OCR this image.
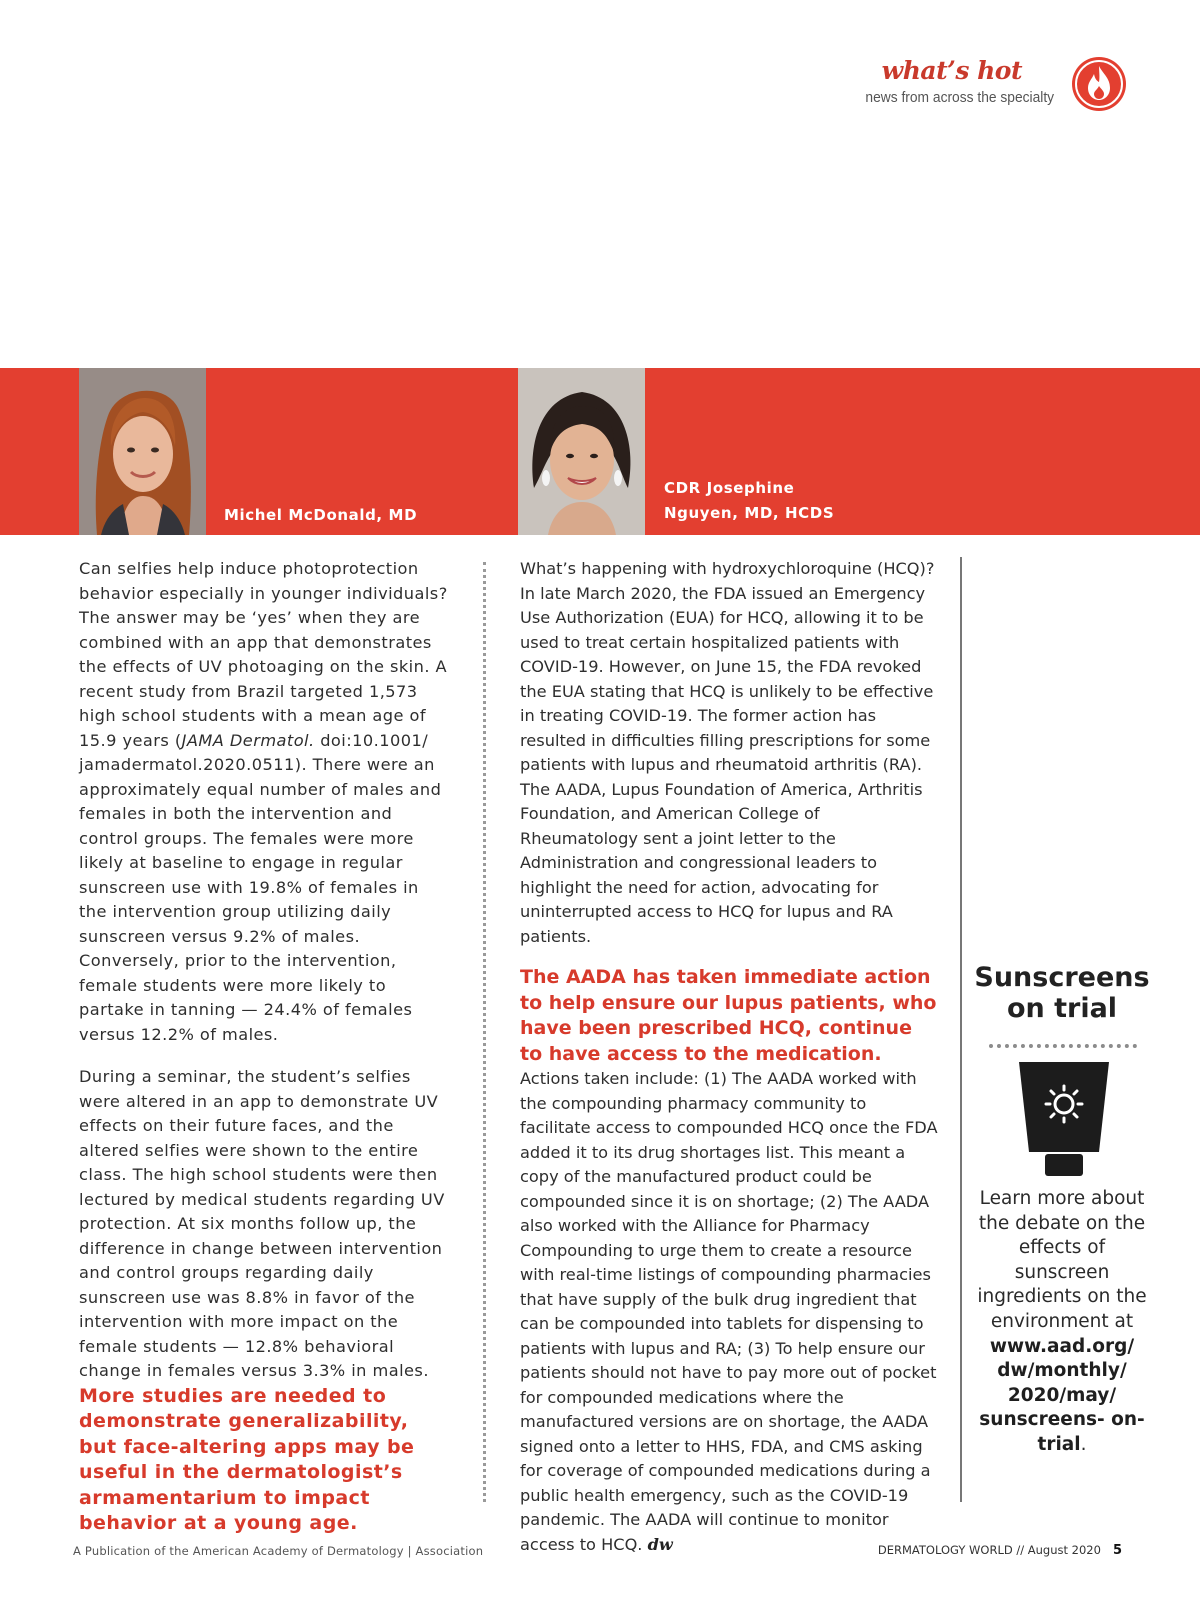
what’s hot
news from across the specialty
Michel McDonald, MD
CDR Josephine
Nguyen, MD, HCDS

Can selfies help induce photoprotection behavior especially in younger individuals? The answer may be ‘yes’ when they are combined with an app that demonstrates the effects of UV photoaging on the skin. A recent study from Brazil targeted 1,573 high school students with a mean age of 15.9 years (JAMA Dermatol. doi:10.1001/ jamadermatol.2020.0511). There were an approximately equal number of males and females in both the intervention and control groups. The females were more likely at baseline to engage in regular sunscreen use with 19.8% of females in the intervention group utilizing daily sunscreen versus 9.2% of males. Conversely, prior to the intervention, female students were more likely to partake in tanning — 24.4% of females versus 12.2% of males.

During a seminar, the student’s selfies were altered in an app to demonstrate UV effects on their future faces, and the altered selfies were shown to the entire class. The high school students were then lectured by medical students regarding UV protection. At six months follow up, the difference in change between intervention and control groups regarding daily sunscreen use was 8.8% in favor of the intervention with more impact on the female students — 12.8% behavioral change in females versus 3.3% in males. More studies are needed to demonstrate generalizability, but face-altering apps may be useful in the dermatologist’s armamentarium to impact behavior at a young age.

What’s happening with hydroxychloroquine (HCQ)? In late March 2020, the FDA issued an Emergency Use Authorization (EUA) for HCQ, allowing it to be used to treat certain hospitalized patients with COVID-19. However, on June 15, the FDA revoked the EUA stating that HCQ is unlikely to be effective in treating COVID-19. The former action has resulted in difficulties filling prescriptions for some patients with lupus and rheumatoid arthritis (RA). The AADA, Lupus Foundation of America, Arthritis Foundation, and American College of Rheumatology sent a joint letter to the Administration and congressional leaders to highlight the need for action, advocating for uninterrupted access to HCQ for lupus and RA patients.

The AADA has taken immediate action to help ensure our lupus patients, who have been prescribed HCQ, continue to have access to the medication. Actions taken include: (1) The AADA worked with the compounding pharmacy community to facilitate access to compounded HCQ once the FDA added it to its drug shortages list. This meant a copy of the manufactured product could be compounded since it is on shortage; (2) The AADA also worked with the Alliance for Pharmacy Compounding to urge them to create a resource with real-time listings of compounding pharmacies that have supply of the bulk drug ingredient that can be compounded into tablets for dispensing to patients with lupus and RA; (3) To help ensure our patients should not have to pay more out of pocket for compounded medications where the manufactured versions are on shortage, the AADA signed onto a letter to HHS, FDA, and CMS asking for coverage of compounded medications during a public health emergency, such as the COVID-19 pandemic. The AADA will continue to monitor access to HCQ. dw

Sunscreens on trial
Learn more about the debate on the effects of sunscreen ingredients on the environment at www.aad.org/ dw/monthly/ 2020/may/ sunscreens- on-trial.
A Publication of the American Academy of Dermatology | Association	DERMATOLOGY WORLD // August 2020 5
